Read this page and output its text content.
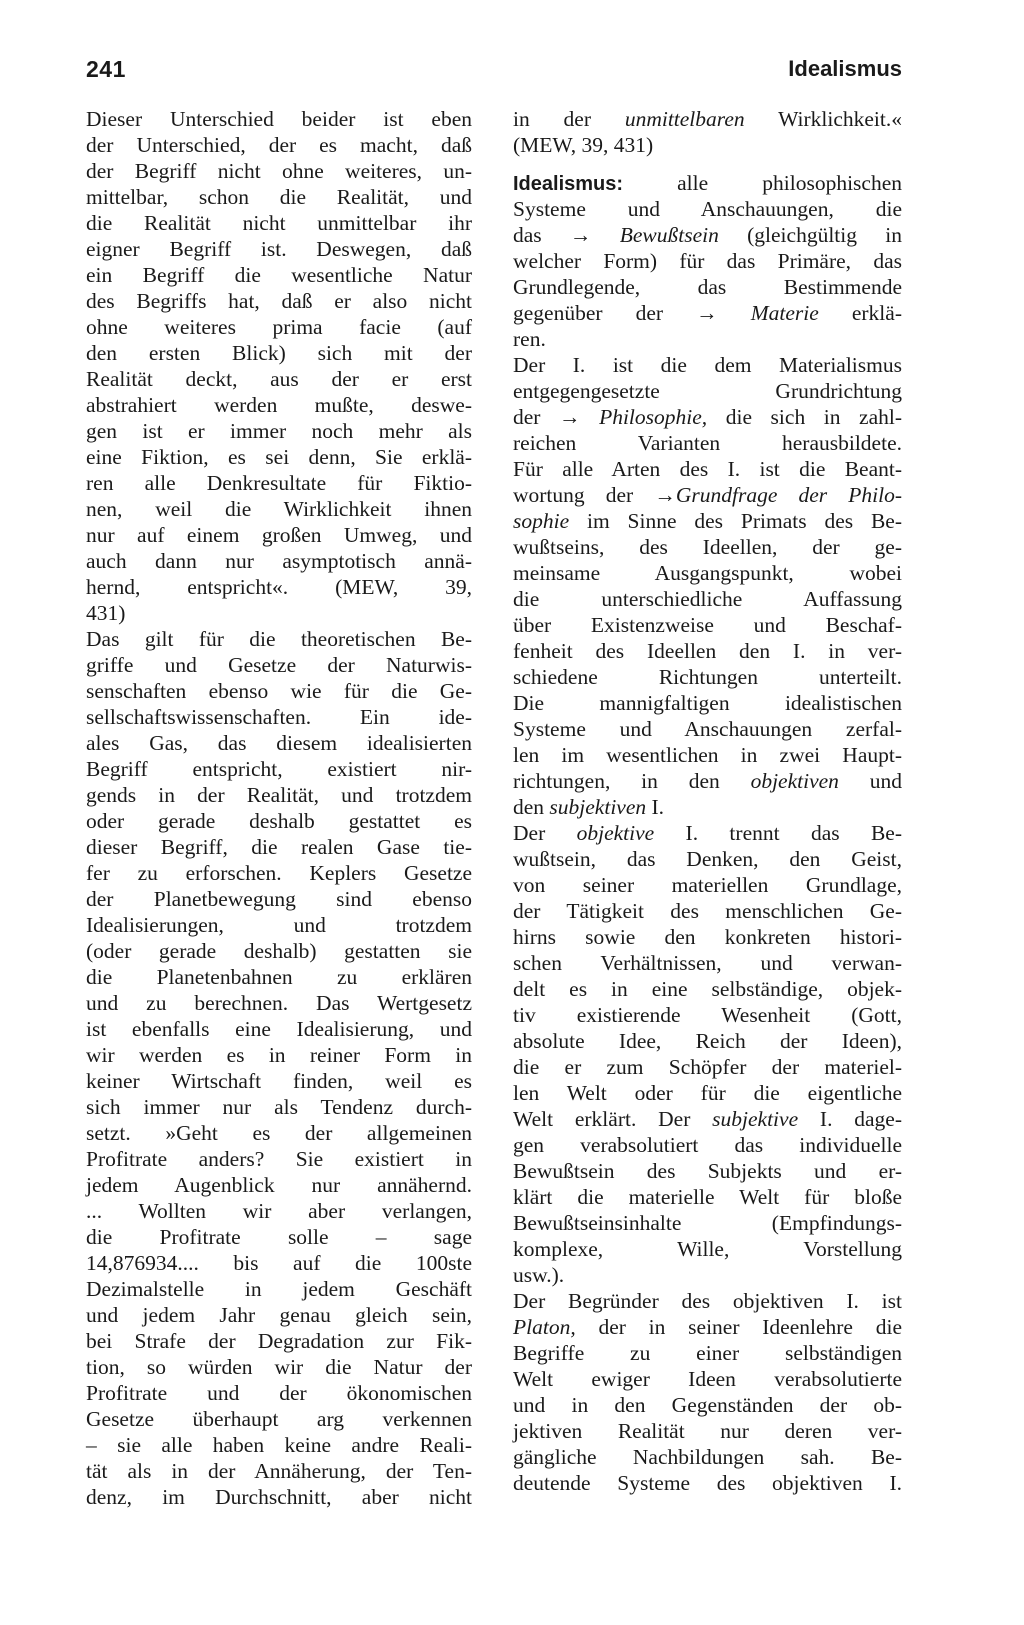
241	Idealismus
Dieser Unterschied beider ist eben
der Unterschied, der es macht, daß
der Begriff nicht ohne weiteres, un-
mittelbar, schon die Realität, und
die Realität nicht unmittelbar ihr
eigner Begriff ist. Deswegen, daß
ein Begriff die wesentliche Natur
des Begriffs hat, daß er also nicht
ohne weiteres prima facie (auf
den ersten Blick) sich mit der
Realität deckt, aus der er erst
abstrahiert werden mußte, deswe-
gen ist er immer noch mehr als
eine Fiktion, es sei denn, Sie erklä-
ren alle Denkresultate für Fiktio-
nen, weil die Wirklichkeit ihnen
nur auf einem großen Umweg, und
auch dann nur asymptotisch annä-
hernd, entspricht«. (MEW, 39,
431)
Das gilt für die theoretischen Be-
griffe und Gesetze der Naturwis-
senschaften ebenso wie für die Ge-
sellschaftswissenschaften. Ein ide-
ales Gas, das diesem idealisierten
Begriff entspricht, existiert nir-
gends in der Realität, und trotzdem
oder gerade deshalb gestattet es
dieser Begriff, die realen Gase tie-
fer zu erforschen. Keplers Gesetze
der Planetbewegung sind ebenso
Idealisierungen, und trotzdem
(oder gerade deshalb) gestatten sie
die Planetenbahnen zu erklären
und zu berechnen. Das Wertgesetz
ist ebenfalls eine Idealisierung, und
wir werden es in reiner Form in
keiner Wirtschaft finden, weil es
sich immer nur als Tendenz durch-
setzt. »Geht es der allgemeinen
Profitrate anders? Sie existiert in
jedem Augenblick nur annähernd.
... Wollten wir aber verlangen,
die Profitrate solle – sage
14,876934.... bis auf die 100ste
Dezimalstelle in jedem Geschäft
und jedem Jahr genau gleich sein,
bei Strafe der Degradation zur Fik-
tion, so würden wir die Natur der
Profitrate und der ökonomischen
Gesetze überhaupt arg verkennen
– sie alle haben keine andre Reali-
tät als in der Annäherung, der Ten-
denz, im Durchschnitt, aber nicht
in der unmittelbaren Wirklichkeit.«
(MEW, 39, 431)
Idealismus: alle philosophischen
Systeme und Anschauungen, die
das → Bewußtsein (gleichgültig in
welcher Form) für das Primäre, das
Grundlegende, das Bestimmende
gegenüber der → Materie erklä-
ren.
Der I. ist die dem Materialismus
entgegengesetzte Grundrichtung
der → Philosophie, die sich in zahl-
reichen Varianten herausbildete.
Für alle Arten des I. ist die Beant-
wortung der →Grundfrage der Philo-
sophie im Sinne des Primats des Be-
wußtseins, des Ideellen, der ge-
meinsame Ausgangspunkt, wobei
die unterschiedliche Auffassung
über Existenzweise und Beschaf-
fenheit des Ideellen den I. in ver-
schiedene Richtungen unterteilt.
Die mannigfaltigen idealistischen
Systeme und Anschauungen zerfal-
len im wesentlichen in zwei Haupt-
richtungen, in den objektiven und
den subjektiven I.
Der objektive I. trennt das Be-
wußtsein, das Denken, den Geist,
von seiner materiellen Grundlage,
der Tätigkeit des menschlichen Ge-
hirns sowie den konkreten histori-
schen Verhältnissen, und verwan-
delt es in eine selbständige, objek-
tiv existierende Wesenheit (Gott,
absolute Idee, Reich der Ideen),
die er zum Schöpfer der materiel-
len Welt oder für die eigentliche
Welt erklärt. Der subjektive I. dage-
gen verabsolutiert das individuelle
Bewußtsein des Subjekts und er-
klärt die materielle Welt für bloße
Bewußtseinsinhalte (Empfindungs-
komplexe, Wille, Vorstellung
usw.).
Der Begründer des objektiven I. ist
Platon, der in seiner Ideenlehre die
Begriffe zu einer selbständigen
Welt ewiger Ideen verabsolutierte
und in den Gegenständen der ob-
jektiven Realität nur deren ver-
gängliche Nachbildungen sah. Be-
deutende Systeme des objektiven I.
